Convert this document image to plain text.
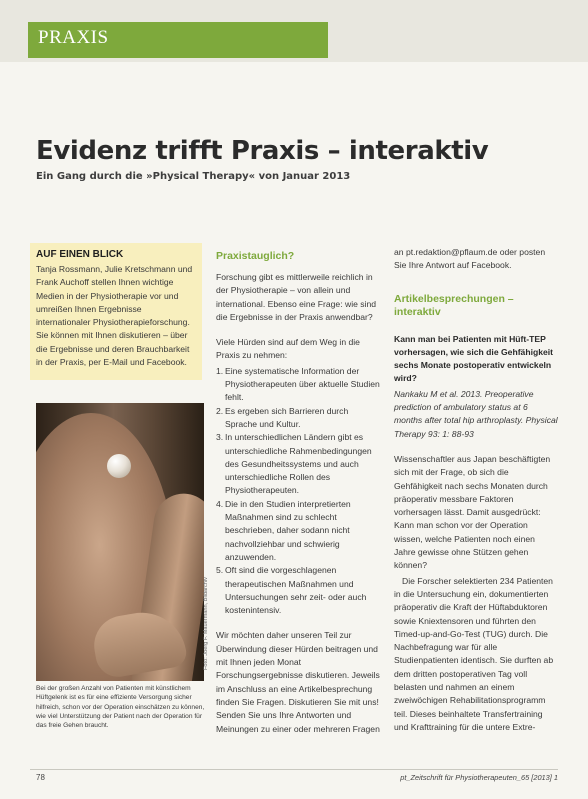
PRAXIS
Evidenz trifft Praxis – interaktiv

Ein Gang durch die »Physical Therapy« von Januar 2013

AUF EINEN BLICK
Tanja Rossmann, Julie Kretschmann und Frank Auchoff stellen Ihnen wichtige Medien in der Physiotherapie vor und umreißen Ihnen Ergebnisse internationaler Physiotherapieforschung. Sie können mit Ihnen diskutieren – über die Ergebnisse und deren Brauchbarkeit in der Praxis, per E-Mail und Facebook.
Foto: Joerg F. Mauermann, Bildarchiv
Bei der großen Anzahl von Patienten mit künstlichem Hüftgelenk ist es für eine effiziente Versorgung sicher hilfreich, schon vor der Operation einschätzen zu können, wie viel Unterstützung der Patient nach der Operation für das freie Gehen braucht.

Praxistauglich?

Forschung gibt es mittlerweile reichlich in der Physiotherapie – von allein und international. Ebenso eine Frage: wie sind die Ergebnisse in der Praxis anwendbar?

Viele Hürden sind auf dem Weg in die Praxis zu nehmen:

1. Eine systematische Information der Physiotherapeuten über aktuelle Studien fehlt.
2. Es ergeben sich Barrieren durch Sprache und Kultur.
3. In unterschiedlichen Ländern gibt es unterschiedliche Rahmenbedingungen des Gesundheitssystems und auch unterschiedliche Rollen des Physiotherapeuten.
4. Die in den Studien interpretierten Maßnahmen sind zu schlecht beschrieben, daher sodann nicht nachvollziehbar und schwierig anzuwenden.
5. Oft sind die vorgeschlagenen therapeutischen Maßnahmen und Untersuchungen sehr zeit- oder auch kostenintensiv.

Wir möchten daher unseren Teil zur Überwindung dieser Hürden beitragen und mit Ihnen jeden Monat Forschungsergebnisse diskutieren. Jeweils im Anschluss an eine Artikelbesprechung finden Sie Fragen. Diskutieren Sie mit uns! Senden Sie uns Ihre Antworten und Meinungen zu einer oder mehreren Fragen

an pt.redaktion@pflaum.de oder posten Sie Ihre Antwort auf Facebook.

Artikelbesprechungen – interaktiv

Kann man bei Patienten mit Hüft-TEP vorhersagen, wie sich die Gehfähigkeit sechs Monate postoperativ entwickeln wird?

Nankaku M et al. 2013. Preoperative prediction of ambulatory status at 6 months after total hip arthroplasty. Physical Therapy 93: 1: 88-93

Wissenschaftler aus Japan beschäftigten sich mit der Frage, ob sich die Gehfähigkeit nach sechs Monaten durch präoperativ messbare Faktoren vorhersagen lässt. Damit ausgedrückt: Kann man schon vor der Operation wissen, welche Patienten noch einen Jahre gewisse ohne Stützen gehen können?

Die Forscher selektierten 234 Patienten in die Untersuchung ein, dokumentierten präoperativ die Kraft der Hüftabduktoren sowie Kniextensoren und führten den Timed-up-and-Go-Test (TUG) durch. Die Nachbefragung war für alle Studienpatienten identisch. Sie durften ab dem dritten postoperativen Tag voll belasten und nahmen an einem zweiwöchigen Rehabilitationsprogramm teil. Dieses beinhaltete Transfertraining und Krafttraining für die untere Extre-

78	pt_Zeitschrift für Physiotherapeuten_65 [2013] 1
